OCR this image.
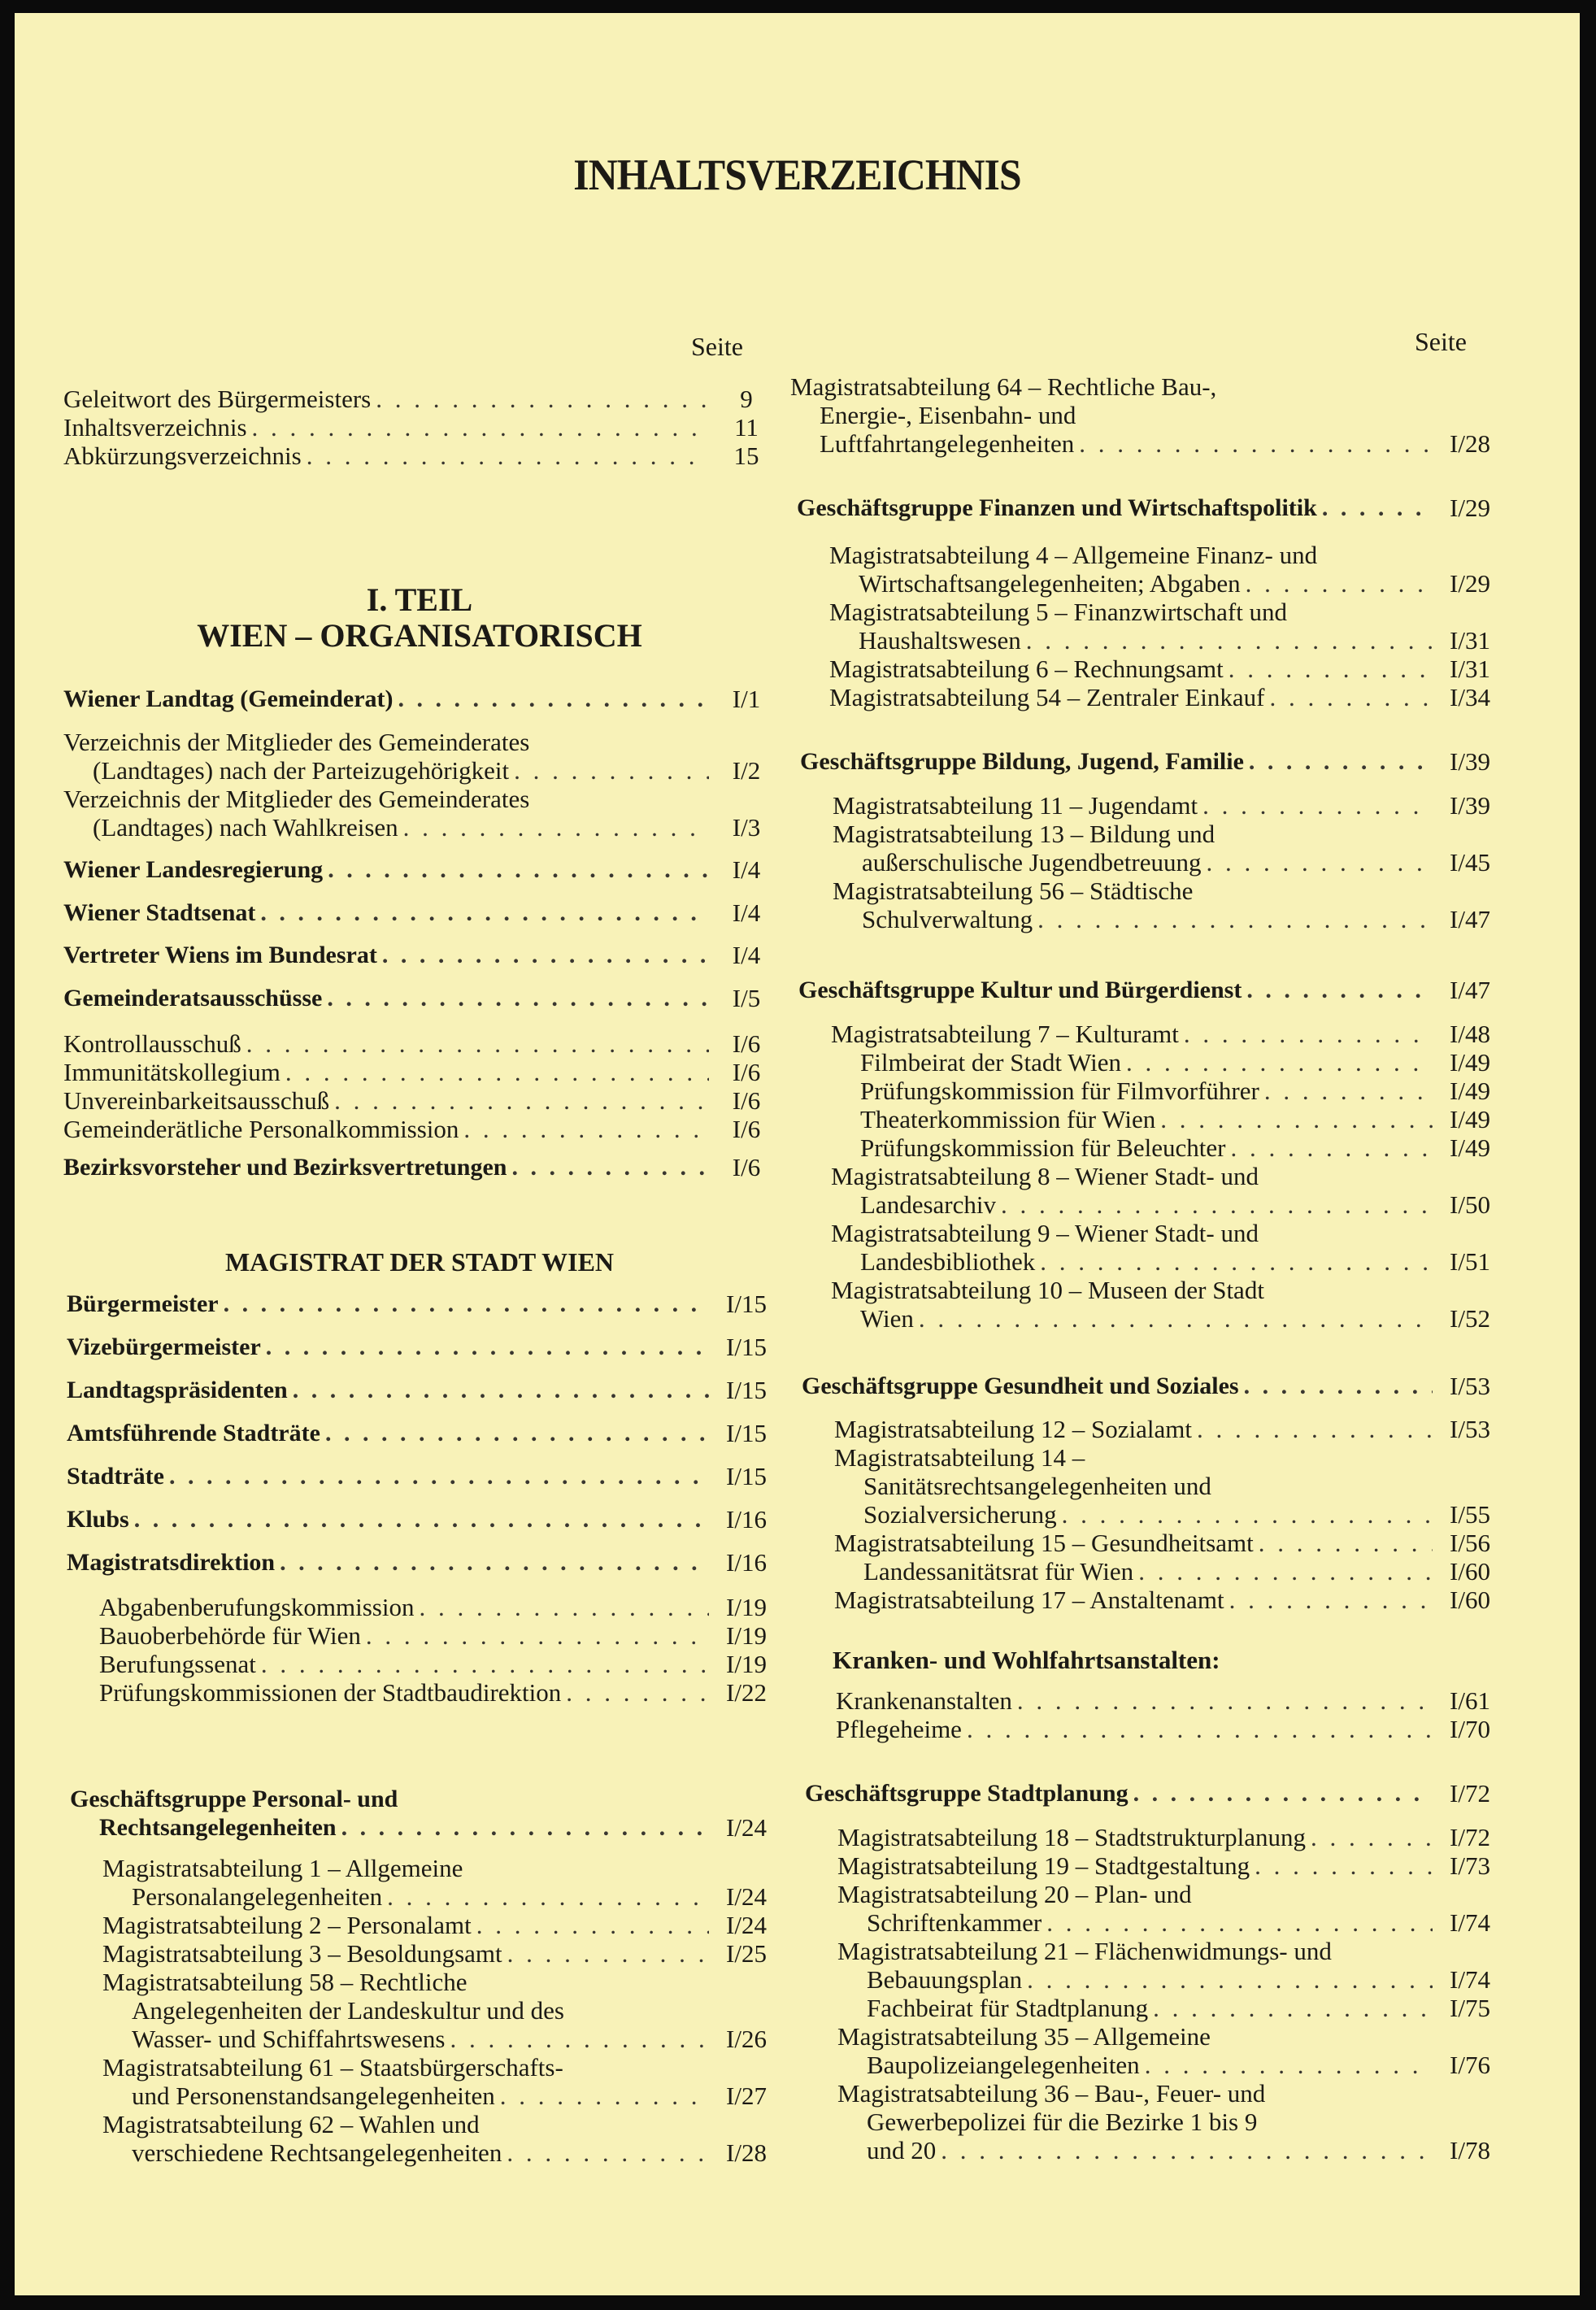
INHALTSVERZEICHNIS
Seite	Seite
I. TEIL
WIEN – ORGANISATORISCH
MAGISTRAT DER STADT WIEN
Kranken- und Wohlfahrtsanstalten:
Geleitwort des Bürgermeisters . . .	9
Inhaltsverzeichnis . . .	11
Abkürzungsverzeichnis . . .	15
Wiener Landtag (Gemeinderat) . . .	I/1
Verzeichnis der Mitglieder des Gemeinderates
(Landtages) nach der Parteizugehörigkeit . . .	I/2
Verzeichnis der Mitglieder des Gemeinderates
(Landtages) nach Wahlkreisen . . .	I/3
Wiener Landesregierung . . .	I/4
Wiener Stadtsenat . . .	I/4
Vertreter Wiens im Bundesrat . . .	I/4
Gemeinderatsausschüsse . . .	I/5
Kontrollausschuß . . .	I/6
Immunitätskollegium . . .	I/6
Unvereinbarkeitsausschuß . . .	I/6
Gemeinderätliche Personalkommission . . .	I/6
Bezirksvorsteher und Bezirksvertretungen . . .	I/6
Bürgermeister . . .	I/15
Vizebürgermeister . . .	I/15
Landtagspräsidenten . . .	I/15
Amtsführende Stadträte . . .	I/15
Stadträte . . .	I/15
Klubs . . .	I/16
Magistratsdirektion . . .	I/16
Abgabenberufungskommission . . .	I/19
Bauoberbehörde für Wien . . .	I/19
Berufungssenat . . .	I/19
Prüfungskommissionen der Stadtbaudirektion . . .	I/22
Geschäftsgruppe Personal- und
Rechtsangelegenheiten . . .	I/24
Magistratsabteilung 1 – Allgemeine
Personalangelegenheiten . . .	I/24
Magistratsabteilung 2 – Personalamt . . .	I/24
Magistratsabteilung 3 – Besoldungsamt . . .	I/25
Magistratsabteilung 58 – Rechtliche
Angelegenheiten der Landeskultur und des
Wasser- und Schiffahrtswesens . . .	I/26
Magistratsabteilung 61 – Staatsbürgerschafts-
und Personenstandsangelegenheiten . . .	I/27
Magistratsabteilung 62 – Wahlen und
verschiedene Rechtsangelegenheiten . . .	I/28
Geschäftsgruppe Finanzen und Wirtschaftspolitik . . .	I/29
Magistratsabteilung 4 – Allgemeine Finanz- und
Wirtschaftsangelegenheiten; Abgaben . . .	I/29
Magistratsabteilung 5 – Finanzwirtschaft und
Haushaltswesen . . .	I/31
Magistratsabteilung 6 – Rechnungsamt . . .	I/31
Magistratsabteilung 54 – Zentraler Einkauf . . .	I/34
Geschäftsgruppe Bildung, Jugend, Familie . . .	I/39
Magistratsabteilung 11 – Jugendamt . . .	I/39
Magistratsabteilung 13 – Bildung und
außerschulische Jugendbetreuung . . .	I/45
Magistratsabteilung 56 – Städtische
Schulverwaltung . . .	I/47
Geschäftsgruppe Kultur und Bürgerdienst . . .	I/47
Magistratsabteilung 7 – Kulturamt . . .	I/48
Filmbeirat der Stadt Wien . . .	I/49
Prüfungskommission für Filmvorführer . . .	I/49
Theaterkommission für Wien . . .	I/49
Prüfungskommission für Beleuchter . . .	I/49
Magistratsabteilung 8 – Wiener Stadt- und
Landesarchiv . . .	I/50
Magistratsabteilung 9 – Wiener Stadt- und
Landesbibliothek . . .	I/51
Magistratsabteilung 10 – Museen der Stadt
Wien . . .	I/52
Geschäftsgruppe Gesundheit und Soziales . . .	I/53
Magistratsabteilung 12 – Sozialamt . . .	I/53
Magistratsabteilung 14 –
Sanitätsrechtsangelegenheiten und
Sozialversicherung . . .	I/55
Magistratsabteilung 15 – Gesundheitsamt . . .	I/56
Landessanitätsrat für Wien . . .	I/60
Magistratsabteilung 17 – Anstaltenamt . . .	I/60
Krankenanstalten . . .	I/61
Pflegeheime . . .	I/70
Geschäftsgruppe Stadtplanung . . .	I/72
Magistratsabteilung 18 – Stadtstrukturplanung . . .	I/72
Magistratsabteilung 19 – Stadtgestaltung . . .	I/73
Magistratsabteilung 20 – Plan- und
Schriftenkammer . . .	I/74
Magistratsabteilung 21 – Flächenwidmungs- und
Bebauungsplan . . .	I/74
Fachbeirat für Stadtplanung . . .	I/75
Magistratsabteilung 35 – Allgemeine
Baupolizeiangelegenheiten . . .	I/76
Magistratsabteilung 36 – Bau-, Feuer- und
Gewerbepolizei für die Bezirke 1 bis 9
und 20 . . .	I/78
Magistratsabteilung 64 – Rechtliche Bau-,
Energie-, Eisenbahn- und
Luftfahrtangelegenheiten . . .	I/28
